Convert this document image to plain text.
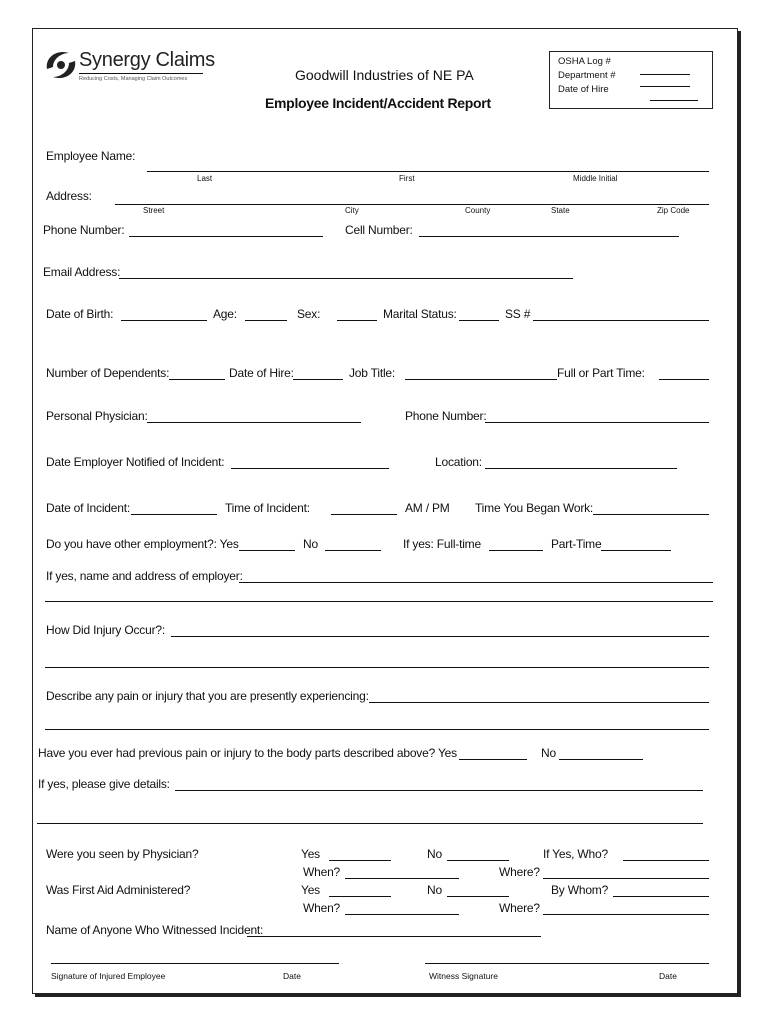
Synergy Claims
Reducing Costs, Managing Claim Outcomes	Goodwill Industries of NE PA
Employee Incident/Accident Report
OSHA Log #
Department #
Date of Hire
Employee Name:
Last	First	Middle Initial
Address:
Street	City	County	State	Zip Code
Phone Number:	Cell Number:
Email Address:
Date of Birth:	Age:	Sex:	Marital Status:	SS #
Number of Dependents:	Date of Hire:	Job Title:	Full or Part Time:
Personal Physician:	Phone Number:
Date Employer Notified of Incident:	Location:
Date of Incident:	Time of Incident:	AM / PM Time You Began Work:
Do you have other employment?: Yes	No	If yes: Full-time	Part-Time
If yes, name and address of employer:
How Did Injury Occur?:
Describe any pain or injury that you are presently experiencing:
Have you ever had previous pain or injury to the body parts described above? Yes	No
If yes, please give details:
Were you seen by Physician?	Yes	No	If Yes, Who?
When?	Where?
Was First Aid Administered?	Yes	No	By Whom?
When?	Where?
Name of Anyone Who Witnessed Incident:
Signature of Injured Employee	Date	Witness Signature	Date
